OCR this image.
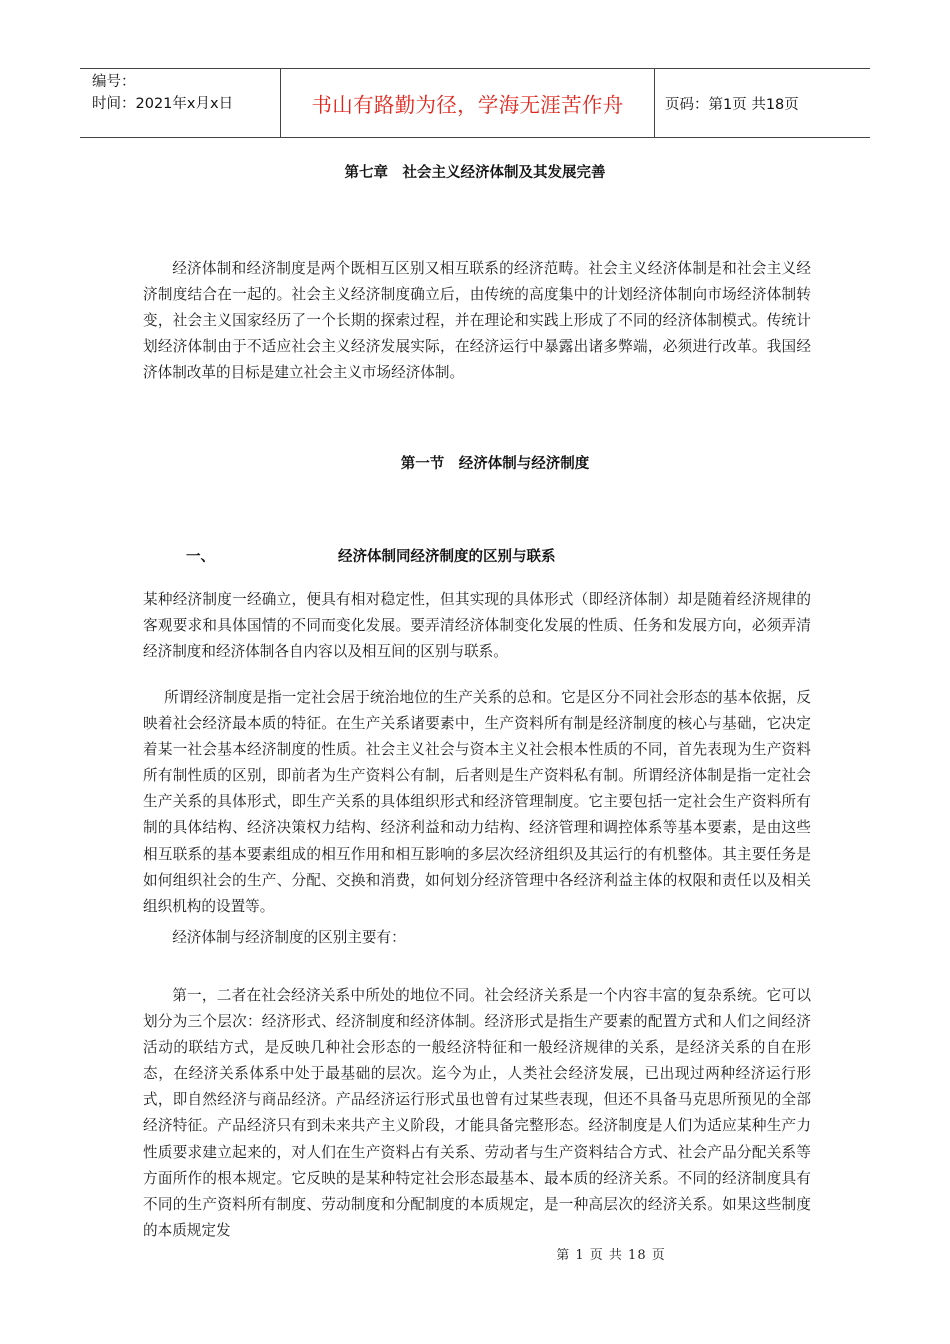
编号：
时间：2021年x月x日	书山有路勤为径，学海无涯苦作舟	页码：第1页 共18页
第七章　社会主义经济体制及其发展完善

经济体制和经济制度是两个既相互区别又相互联系的经济范畴。社会主义经济体制是和社会主义经济制度结合在一起的。社会主义经济制度确立后，由传统的高度集中的计划经济体制向市场经济体制转变，社会主义国家经历了一个长期的探索过程，并在理论和实践上形成了不同的经济体制模式。传统计划经济体制由于不适应社会主义经济发展实际，在经济运行中暴露出诸多弊端，必须进行改革。我国经济体制改革的目标是建立社会主义市场经济体制。

第一节　经济体制与经济制度
一、	经济体制同经济制度的区别与联系

某种经济制度一经确立，便具有相对稳定性，但其实现的具体形式（即经济体制）却是随着经济规律的客观要求和具体国情的不同而变化发展。要弄清经济体制变化发展的性质、任务和发展方向，必须弄清经济制度和经济体制各自内容以及相互间的区别与联系。

所谓经济制度是指一定社会居于统治地位的生产关系的总和。它是区分不同社会形态的基本依据，反映着社会经济最本质的特征。在生产关系诸要素中，生产资料所有制是经济制度的核心与基础，它决定着某一社会基本经济制度的性质。社会主义社会与资本主义社会根本性质的不同，首先表现为生产资料所有制性质的区别，即前者为生产资料公有制，后者则是生产资料私有制。所谓经济体制是指一定社会生产关系的具体形式，即生产关系的具体组织形式和经济管理制度。它主要包括一定社会生产资料所有制的具体结构、经济决策权力结构、经济利益和动力结构、经济管理和调控体系等基本要素，是由这些相互联系的基本要素组成的相互作用和相互影响的多层次经济组织及其运行的有机整体。其主要任务是如何组织社会的生产、分配、交换和消费，如何划分经济管理中各经济利益主体的权限和责任以及相关组织机构的设置等。

经济体制与经济制度的区别主要有：

第一，二者在社会经济关系中所处的地位不同。社会经济关系是一个内容丰富的复杂系统。它可以划分为三个层次：经济形式、经济制度和经济体制。经济形式是指生产要素的配置方式和人们之间经济活动的联结方式，是反映几种社会形态的一般经济特征和一般经济规律的关系，是经济关系的自在形态，在经济关系体系中处于最基础的层次。迄今为止，人类社会经济发展，已出现过两种经济运行形式，即自然经济与商品经济。产品经济运行形式虽也曾有过某些表现，但还不具备马克思所预见的全部经济特征。产品经济只有到未来共产主义阶段，才能具备完整形态。经济制度是人们为适应某种生产力性质要求建立起来的，对人们在生产资料占有关系、劳动者与生产资料结合方式、社会产品分配关系等方面所作的根本规定。它反映的是某种特定社会形态最基本、最本质的经济关系。不同的经济制度具有不同的生产资料所有制度、劳动制度和分配制度的本质规定，是一种高层次的经济关系。如果这些制度的本质规定发

第 1 页 共 18 页
